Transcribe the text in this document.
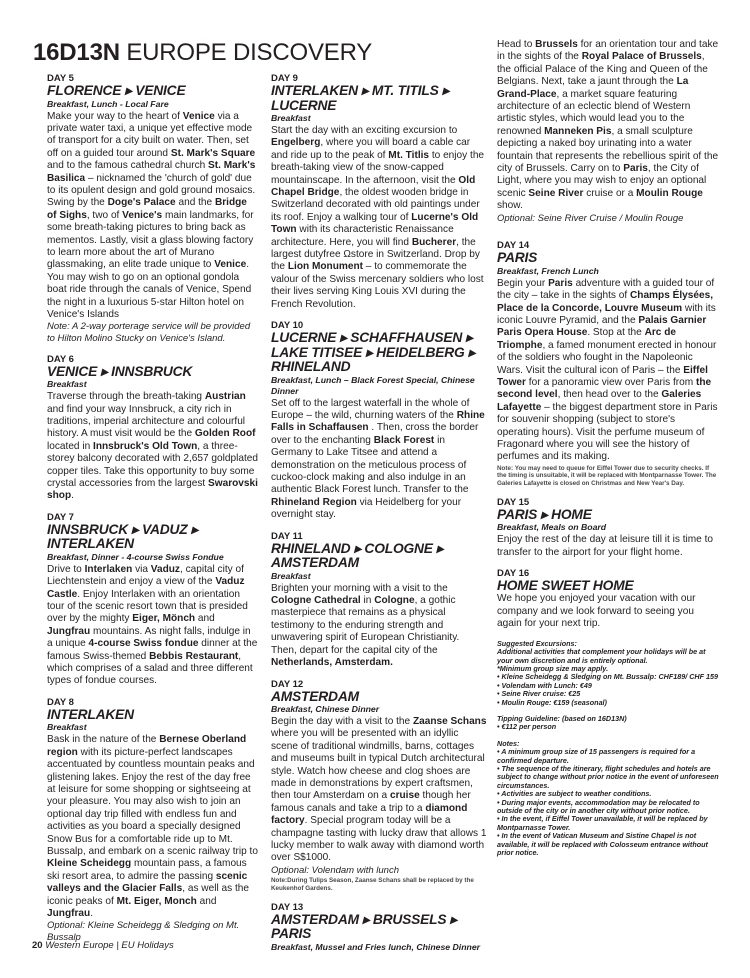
16D13N EUROPE DISCOVERY
DAY 5
FLORENCE ▸ VENICE
Breakfast, Lunch - Local Fare
Make your way to the heart of Venice via a private water taxi, a unique yet effective mode of transport for a city built on water. Then, set off on a guided tour around St. Mark's Square and to the famous cathedral church St. Mark's Basilica – nicknamed the 'church of gold' due to its opulent design and gold ground mosaics. Swing by the Doge's Palace and the Bridge of Sighs, two of Venice's main landmarks, for some breath-taking pictures to bring back as mementos. Lastly, visit a glass blowing factory to learn more about the art of Murano glassmaking, an elite trade unique to Venice. You may wish to go on an optional gondola boat ride through the canals of Venice, Spend the night in a luxurious 5-star Hilton hotel on Venice's Islands
Note: A 2-way porterage service will be provided to Hilton Molino Stucky on Venice's Island.
DAY 6
VENICE ▸ INNSBRUCK
Breakfast
Traverse through the breath-taking Austrian and find your way Innsbruck, a city rich in traditions, imperial architecture and colourful history. A must visit would be the Golden Roof located in Innsbruck's Old Town, a three-storey balcony decorated with 2,657 goldplated copper tiles. Take this opportunity to buy some crystal accessories from the largest Swarovski shop.
DAY 7
INNSBRUCK ▸ VADUZ ▸ INTERLAKEN
Breakfast, Dinner - 4-course Swiss Fondue
Drive to Interlaken via Vaduz, capital city of Liechtenstein and enjoy a view of the Vaduz Castle. Enjoy Interlaken with an orientation tour of the scenic resort town that is presided over by the mighty Eiger, Mönch and Jungfrau mountains. As night falls, indulge in a unique 4-course Swiss fondue dinner at the famous Swiss-themed Bebbis Restaurant, which comprises of a salad and three different types of fondue courses.
DAY 8
INTERLAKEN
Breakfast
Bask in the nature of the Bernese Oberland region with its picture-perfect landscapes accentuated by countless mountain peaks and glistening lakes. Enjoy the rest of the day free at leisure for some shopping or sightseeing at your pleasure. You may also wish to join an optional day trip filled with endless fun and activities as you board a specially designed Snow Bus for a comfortable ride up to Mt. Bussalp, and embark on a scenic railway trip to Kleine Scheidegg mountain pass, a famous ski resort area, to admire the passing scenic valleys and the Glacier Falls, as well as the iconic peaks of Mt. Eiger, Monch and Jungfrau.
Optional: Kleine Scheidegg & Sledging on Mt. Bussalp
DAY 9
INTERLAKEN ▸ MT. TITILS ▸ LUCERNE
Breakfast
Start the day with an exciting excursion to Engelberg, where you will board a cable car and ride up to the peak of Mt. Titlis to enjoy the breath-taking view of the snow-capped mountainscape. In the afternoon, visit the Old Chapel Bridge, the oldest wooden bridge in Switzerland decorated with old paintings under its roof. Enjoy a walking tour of Lucerne's Old Town with its characteristic Renaissance architecture. Here, you will find Bucherer, the largest dutyfree Ωstore in Switzerland. Drop by the Lion Monument – to commemorate the valour of the Swiss mercenary soldiers who lost their lives serving King Louis XVI during the French Revolution.
DAY 10
LUCERNE ▸ SCHAFFHAUSEN ▸ LAKE TITISEE ▸ HEIDELBERG ▸ RHINELAND
Breakfast, Lunch – Black Forest Special, Chinese Dinner
Set off to the largest waterfall in the whole of Europe – the wild, churning waters of the Rhine Falls in Schaffausen . Then, cross the border over to the enchanting Black Forest in Germany to Lake Titsee and attend a demonstration on the meticulous process of cuckoo-clock making and also indulge in an authentic Black Forest lunch. Transfer to the Rhineland Region via Heidelberg for your overnight stay.
DAY 11
RHINELAND ▸ COLOGNE ▸ AMSTERDAM
Breakfast
Brighten your morning with a visit to the Cologne Cathedral in Cologne, a gothic masterpiece that remains as a physical testimony to the enduring strength and unwavering spirit of European Christianity. Then, depart for the capital city of the Netherlands, Amsterdam.
DAY 12
AMSTERDAM
Breakfast, Chinese Dinner
Begin the day with a visit to the Zaanse Schans where you will be presented with an idyllic scene of traditional windmills, barns, cottages and museums built in typical Dutch architectural style. Watch how cheese and clog shoes are made in demonstrations by expert craftsmen, then tour Amsterdam on a cruise though her famous canals and take a trip to a diamond factory. Special program today will be a champagne tasting with lucky draw that allows 1 lucky member to walk away with diamond worth over S$1000.
Optional: Volendam with lunch
Note:During Tulips Season, Zaanse Schans shall be replaced by the Keukenhof Gardens.
DAY 13
AMSTERDAM ▸ BRUSSELS ▸ PARIS
Breakfast, Mussel and Fries lunch, Chinese Dinner
Head to Brussels for an orientation tour and take in the sights of the Royal Palace of Brussels, the official Palace of the King and Queen of the Belgians. Next, take a jaunt through the La Grand-Place, a market square featuring architecture of an eclectic blend of Western artistic styles, which would lead you to the renowned Manneken Pis, a small sculpture depicting a naked boy urinating into a water fountain that represents the rebellious spirit of the city of Brussels. Carry on to Paris, the City of Light, where you may wish to enjoy an optional scenic Seine River cruise or a Moulin Rouge show.
Optional: Seine River Cruise / Moulin Rouge
DAY 14
PARIS
Breakfast, French Lunch
Begin your Paris adventure with a guided tour of the city – take in the sights of Champs Élysées, Place de la Concorde, Louvre Museum with its iconic Louvre Pyramid, and the Palais Garnier Paris Opera House. Stop at the Arc de Triomphe, a famed monument erected in honour of the soldiers who fought in the Napoleonic Wars. Visit the cultural icon of Paris – the Eiffel Tower for a panoramic view over Paris from the second level, then head over to the Galeries Lafayette – the biggest department store in Paris for souvenir shopping (subject to store's operating hours). Visit the perfume museum of Fragonard where you will see the history of perfumes and its making.
Note: You may need to queue for Eiffel Tower due to security checks. If the timing is unsuitable, it will be replaced with Montparnasse Tower. The Galeries Lafayette is closed on Christmas and New Year's Day.
DAY 15
PARIS ▸ HOME
Breakfast, Meals on Board
Enjoy the rest of the day at leisure till it is time to transfer to the airport for your flight home.
DAY 16
HOME SWEET HOME
We hope you enjoyed your vacation with our company and we look forward to seeing you again for your next trip.
Suggested Excursions:
Additional activities that complement your holidays will be at your own discretion and is entirely optional.
*Minimum group size may apply.
• Kleine Scheidegg & Sledging on Mt. Bussalp: CHF189/ CHF 159
• Volendam with Lunch: €49
• Seine River cruise: €25
• Moulin Rouge: €159 (seasonal)
Tipping Guideline: (based on 16D13N)
• €112 per person
Notes:
• A minimum group size of 15 passengers is required for a confirmed departure.
• The sequence of the itinerary, flight schedules and hotels are subject to change without prior notice in the event of unforeseen circumstances.
• Activities are subject to weather conditions.
• During major events, accommodation may be relocated to outside of the city or in another city without prior notice.
• In the event, if Eiffel Tower unavailable, it will be replaced by Montparnasse Tower.
• In the event of Vatican Museum and Sistine Chapel is not available, it will be replaced with Colosseum entrance without prior notice.
20 Western Europe | EU Holidays
